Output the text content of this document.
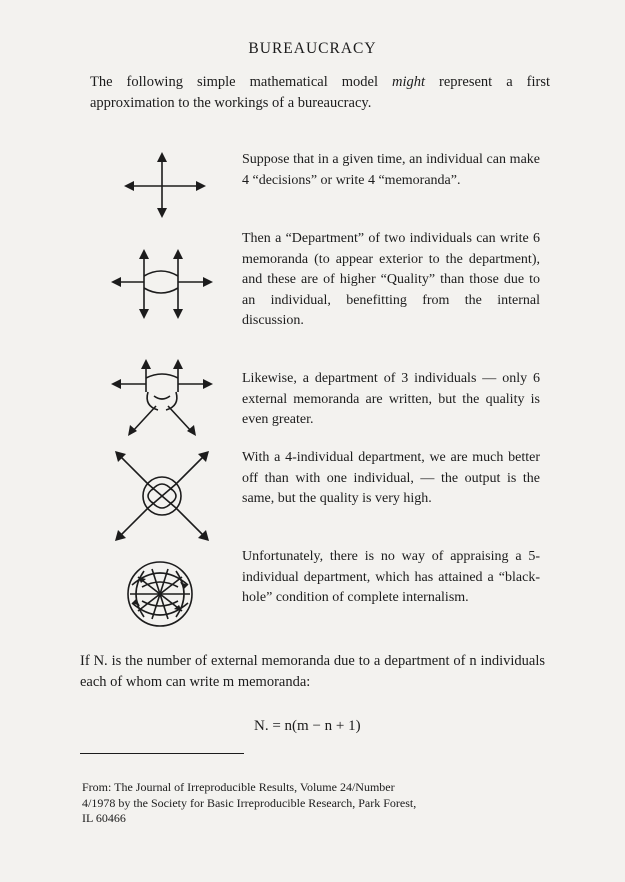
BUREAUCRACY
The following simple mathematical model might represent a first approximation to the workings of a bureaucracy.
Suppose that in a given time, an individual can make 4 “decisions” or write 4 “memoranda”.
Then a “Department” of two individuals can write 6 memoranda (to appear exterior to the department), and these are of higher “Quality” than those due to an individual, benefitting from the internal discussion.
Likewise, a department of 3 individuals — only 6 external memoranda are written, but the quality is even greater.
With a 4-individual department, we are much better off than with one individual, — the output is the same, but the quality is very high.
Unfortunately, there is no way of appraising a 5-individual department, which has attained a “black-hole” condition of complete internalism.
If N. is the number of external memoranda due to a department of n individuals each of whom can write m memoranda:
N. = n(m − n + 1)
From: The Journal of Irreproducible Results, Volume 24/Number
4/1978 by the Society for Basic Irreproducible Research, Park Forest,
IL 60466
